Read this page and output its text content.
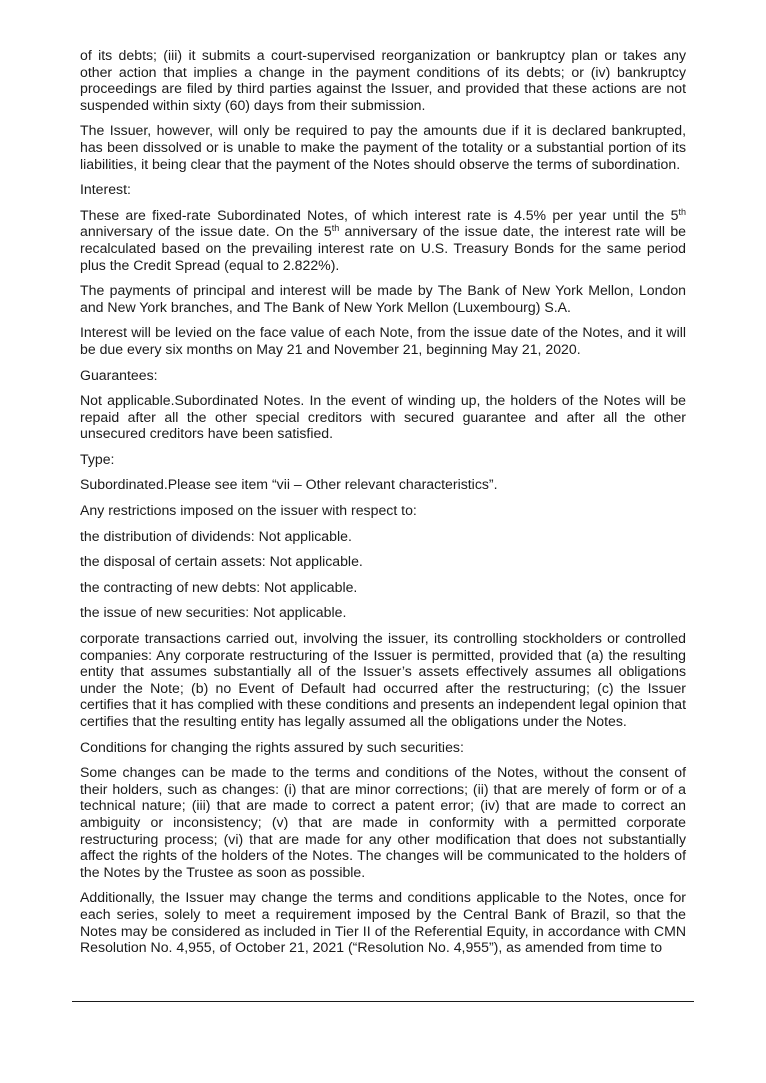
of its debts; (iii) it submits a court-supervised reorganization or bankruptcy plan or takes any other action that implies a change in the payment conditions of its debts; or (iv) bankruptcy proceedings are filed by third parties against the Issuer, and provided that these actions are not suspended within sixty (60) days from their submission.

The Issuer, however, will only be required to pay the amounts due if it is declared bankrupted, has been dissolved or is unable to make the payment of the totality or a substantial portion of its liabilities, it being clear that the payment of the Notes should observe the terms of subordination.

Interest:

These are fixed-rate Subordinated Notes, of which interest rate is 4.5% per year until the 5th anniversary of the issue date. On the 5th anniversary of the issue date, the interest rate will be recalculated based on the prevailing interest rate on U.S. Treasury Bonds for the same period plus the Credit Spread (equal to 2.822%).

The payments of principal and interest will be made by The Bank of New York Mellon, London and New York branches, and The Bank of New York Mellon (Luxembourg) S.A.

Interest will be levied on the face value of each Note, from the issue date of the Notes, and it will be due every six months on May 21 and November 21, beginning May 21, 2020.

Guarantees:

Not applicable.Subordinated Notes. In the event of winding up, the holders of the Notes will be repaid after all the other special creditors with secured guarantee and after all the other unsecured creditors have been satisfied.

Type:

Subordinated.Please see item “vii – Other relevant characteristics”.

Any restrictions imposed on the issuer with respect to:

the distribution of dividends: Not applicable.

the disposal of certain assets: Not applicable.

the contracting of new debts: Not applicable.

the issue of new securities: Not applicable.

corporate transactions carried out, involving the issuer, its controlling stockholders or controlled companies: Any corporate restructuring of the Issuer is permitted, provided that (a) the resulting entity that assumes substantially all of the Issuer’s assets effectively assumes all obligations under the Note; (b) no Event of Default had occurred after the restructuring; (c) the Issuer certifies that it has complied with these conditions and presents an independent legal opinion that certifies that the resulting entity has legally assumed all the obligations under the Notes.

Conditions for changing the rights assured by such securities:

Some changes can be made to the terms and conditions of the Notes, without the consent of their holders, such as changes: (i) that are minor corrections; (ii) that are merely of form or of a technical nature; (iii) that are made to correct a patent error; (iv) that are made to correct an ambiguity or inconsistency; (v) that are made in conformity with a permitted corporate restructuring process; (vi) that are made for any other modification that does not substantially affect the rights of the holders of the Notes. The changes will be communicated to the holders of the Notes by the Trustee as soon as possible.

Additionally, the Issuer may change the terms and conditions applicable to the Notes, once for each series, solely to meet a requirement imposed by the Central Bank of Brazil, so that the Notes may be considered as included in Tier II of the Referential Equity, in accordance with CMN Resolution No. 4,955, of October 21, 2021 (“Resolution No. 4,955”), as amended from time to
